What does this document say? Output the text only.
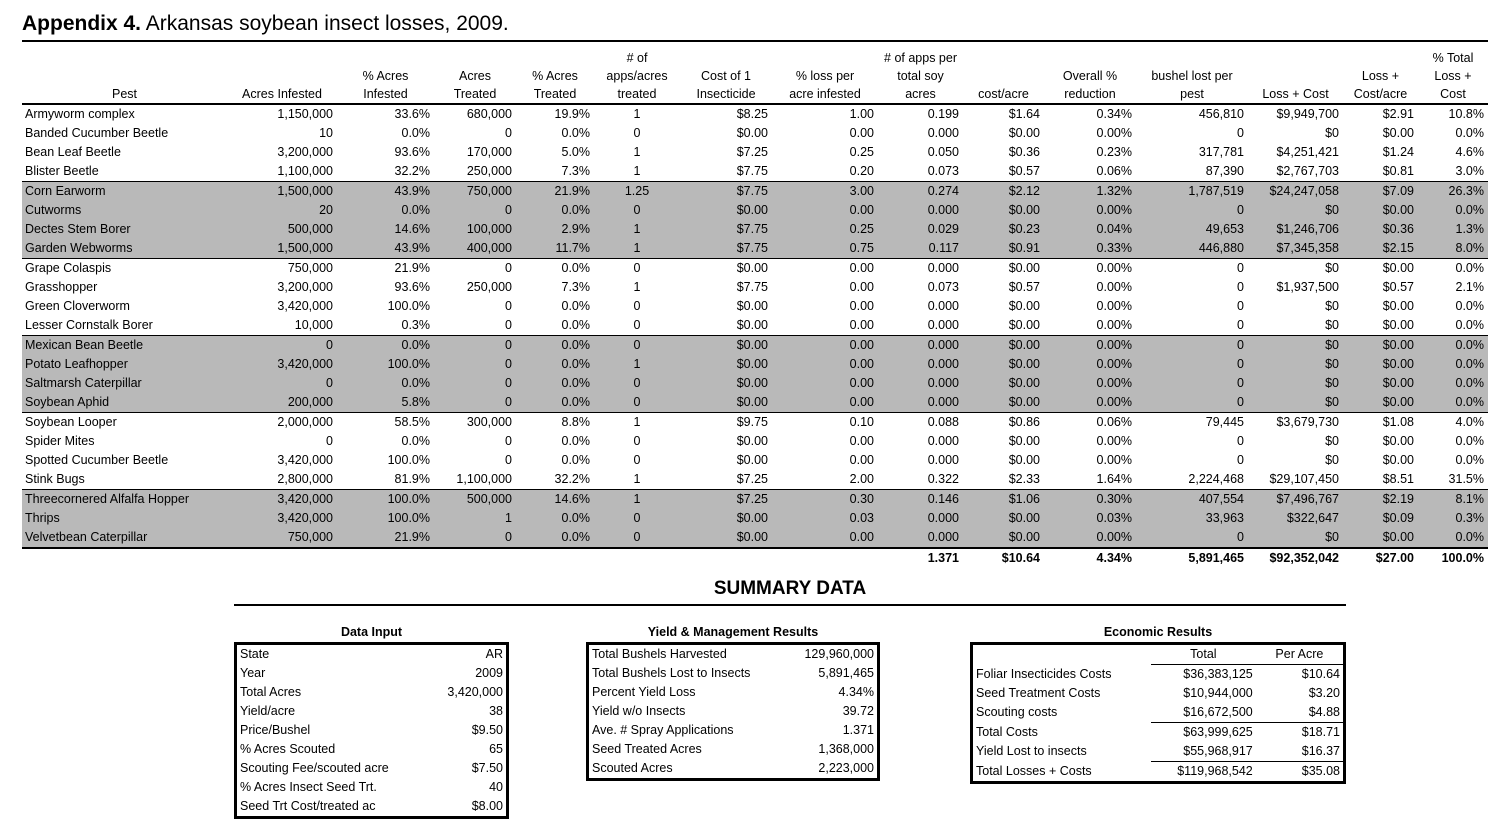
Appendix 4. Arkansas soybean insect losses, 2009.
					# of			# of apps per						% Total
		% Acres	Acres	% Acres	apps/acres	Cost of 1	% loss per	total soy		Overall %	bushel lost per		Loss +	Loss +
Pest	Acres Infested	Infested	Treated	Treated	treated	Insecticide	acre infested	acres	cost/acre	reduction	pest	Loss + Cost	Cost/acre	Cost
Armyworm complex	1,150,000	33.6%	680,000	19.9%	1	$8.25	1.00	0.199	$1.64	0.34%	456,810	$9,949,700	$2.91	10.8%
Banded Cucumber Beetle	10	0.0%	0	0.0%	0	$0.00	0.00	0.000	$0.00	0.00%	0	$0	$0.00	0.0%
Bean Leaf Beetle	3,200,000	93.6%	170,000	5.0%	1	$7.25	0.25	0.050	$0.36	0.23%	317,781	$4,251,421	$1.24	4.6%
Blister Beetle	1,100,000	32.2%	250,000	7.3%	1	$7.75	0.20	0.073	$0.57	0.06%	87,390	$2,767,703	$0.81	3.0%
Corn Earworm	1,500,000	43.9%	750,000	21.9%	1.25	$7.75	3.00	0.274	$2.12	1.32%	1,787,519	$24,247,058	$7.09	26.3%
Cutworms	20	0.0%	0	0.0%	0	$0.00	0.00	0.000	$0.00	0.00%	0	$0	$0.00	0.0%
Dectes Stem Borer	500,000	14.6%	100,000	2.9%	1	$7.75	0.25	0.029	$0.23	0.04%	49,653	$1,246,706	$0.36	1.3%
Garden Webworms	1,500,000	43.9%	400,000	11.7%	1	$7.75	0.75	0.117	$0.91	0.33%	446,880	$7,345,358	$2.15	8.0%
Grape Colaspis	750,000	21.9%	0	0.0%	0	$0.00	0.00	0.000	$0.00	0.00%	0	$0	$0.00	0.0%
Grasshopper	3,200,000	93.6%	250,000	7.3%	1	$7.75	0.00	0.073	$0.57	0.00%	0	$1,937,500	$0.57	2.1%
Green Cloverworm	3,420,000	100.0%	0	0.0%	0	$0.00	0.00	0.000	$0.00	0.00%	0	$0	$0.00	0.0%
Lesser Cornstalk Borer	10,000	0.3%	0	0.0%	0	$0.00	0.00	0.000	$0.00	0.00%	0	$0	$0.00	0.0%
Mexican Bean Beetle	0	0.0%	0	0.0%	0	$0.00	0.00	0.000	$0.00	0.00%	0	$0	$0.00	0.0%
Potato Leafhopper	3,420,000	100.0%	0	0.0%	1	$0.00	0.00	0.000	$0.00	0.00%	0	$0	$0.00	0.0%
Saltmarsh Caterpillar	0	0.0%	0	0.0%	0	$0.00	0.00	0.000	$0.00	0.00%	0	$0	$0.00	0.0%
Soybean Aphid	200,000	5.8%	0	0.0%	0	$0.00	0.00	0.000	$0.00	0.00%	0	$0	$0.00	0.0%
Soybean Looper	2,000,000	58.5%	300,000	8.8%	1	$9.75	0.10	0.088	$0.86	0.06%	79,445	$3,679,730	$1.08	4.0%
Spider Mites	0	0.0%	0	0.0%	0	$0.00	0.00	0.000	$0.00	0.00%	0	$0	$0.00	0.0%
Spotted Cucumber Beetle	3,420,000	100.0%	0	0.0%	0	$0.00	0.00	0.000	$0.00	0.00%	0	$0	$0.00	0.0%
Stink Bugs	2,800,000	81.9%	1,100,000	32.2%	1	$7.25	2.00	0.322	$2.33	1.64%	2,224,468	$29,107,450	$8.51	31.5%
Threecornered Alfalfa Hopper	3,420,000	100.0%	500,000	14.6%	1	$7.25	0.30	0.146	$1.06	0.30%	407,554	$7,496,767	$2.19	8.1%
Thrips	3,420,000	100.0%	1	0.0%	0	$0.00	0.03	0.000	$0.00	0.03%	33,963	$322,647	$0.09	0.3%
Velvetbean Caterpillar	750,000	21.9%	0	0.0%	0	$0.00	0.00	0.000	$0.00	0.00%	0	$0	$0.00	0.0%
								1.371	$10.64	4.34%	5,891,465	$92,352,042	$27.00	100.0%
SUMMARY DATA
Data Input
State	AR
Year	2009
Total Acres	3,420,000
Yield/acre	38
Price/Bushel	$9.50
% Acres Scouted	65
Scouting Fee/scouted acre	$7.50
% Acres Insect Seed Trt.	40
Seed Trt Cost/treated ac	$8.00
Yield & Management Results
Total Bushels Harvested	129,960,000
Total Bushels Lost to Insects	5,891,465
Percent Yield Loss	4.34%
Yield w/o Insects	39.72
Ave. # Spray Applications	1.371
Seed Treated Acres	1,368,000
Scouted Acres	2,223,000
Economic Results
	Total	Per Acre
Foliar Insecticides Costs	$36,383,125	$10.64
Seed Treatment Costs	$10,944,000	$3.20
Scouting costs	$16,672,500	$4.88
Total Costs	$63,999,625	$18.71
Yield Lost to insects	$55,968,917	$16.37
Total Losses + Costs	$119,968,542	$35.08
